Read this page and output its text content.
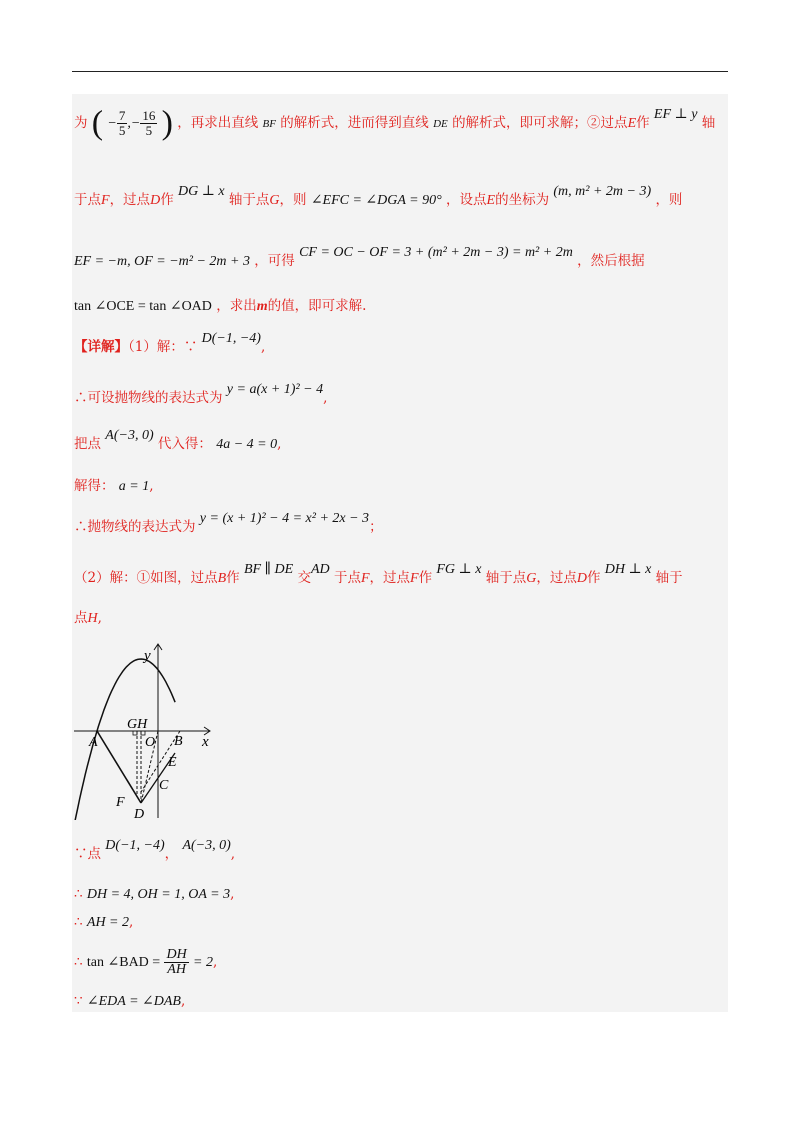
为 ( − $\frac{7}{5}$ ,− $\frac{16}{5}$ ) ，再求出直线 BF 的解析式，进而得到直线 DE 的解析式，即可求解；②过点E作 EF ⊥ y 轴
于点F，过点D作 DG ⊥ x 轴于点G，则 ∠EFC = ∠DGA = 90° ，设点E的坐标为 (m, m² + 2m − 3) ，则
EF = −m, OF = −m² − 2m + 3 ，可得 CF = OC − OF = 3 + (m² + 2m − 3) = m² + 2m ，然后根据
tan ∠OCE = tan ∠OAD ，求出m的值，即可求解.
【详解】（1）解：∵ D(−1, −4),
∴可设抛物线的表达式为 y = a(x + 1)² − 4,
把点 A(−3, 0) 代入得： 4a − 4 = 0,
解得： a = 1,
∴抛物线的表达式为 y = (x + 1)² − 4 = x² + 2x − 3；
（2）解：①如图，过点B作 BF ∥ DE 交AD 于点F，过点F作 FG ⊥ x 轴于点G，过点D作 DH ⊥ x 轴于
点H,
y
x
GH
A	O B
E
C
F
D
∵点 D(−1, −4)， A(−3, 0),
∴ DH = 4, OH = 1, OA = 3,
∴ AH = 2,
∴ tan ∠BAD = $\frac{DH}{AH} = 2$,
∵ ∠EDA = ∠DAB,
